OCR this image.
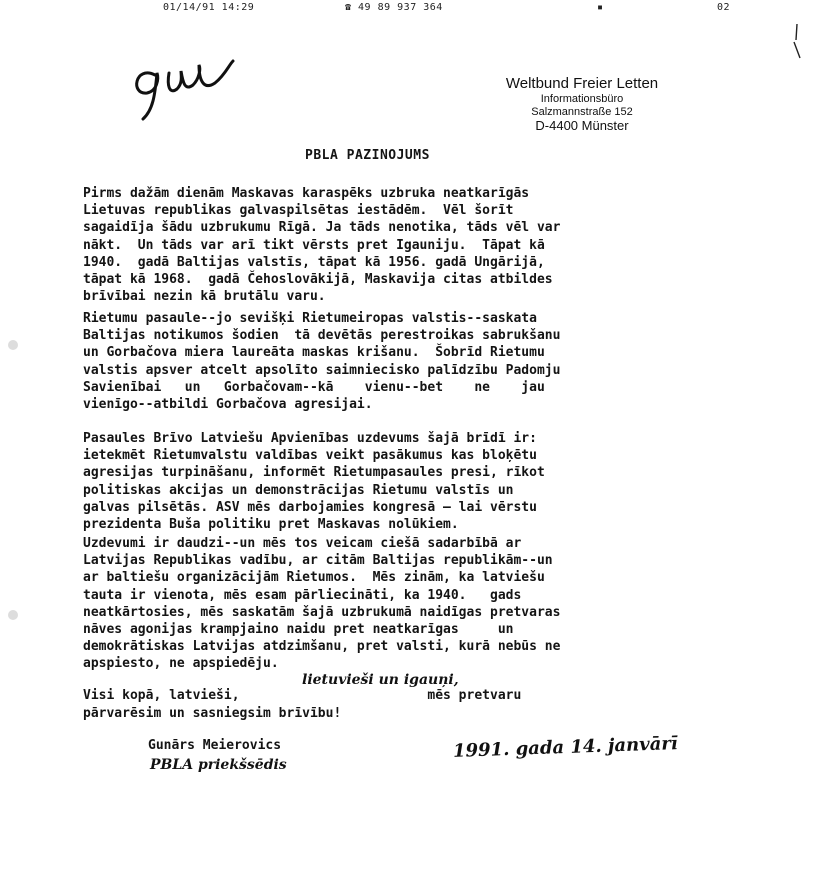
01/14/91 14:29	☎ 49 89 937 364	▪	02
Weltbund Freier Letten
Informationsbüro
Salzmannstraße 152
D-4400 Münster
PBLA PAZINOJUMS
Pirms dažām dienām Maskavas karaspēks uzbruka neatkarīgās
Lietuvas republikas galvaspilsētas iestādēm.  Vēl šorīt
sagaidīja šādu uzbrukumu Rīgā. Ja tāds nenotika, tāds vēl var
nākt.  Un tāds var arī tikt vērsts pret Igauniju.  Tāpat kā
1940.  gadā Baltijas valstīs, tāpat kā 1956. gadā Ungārijā,
tāpat kā 1968.  gadā Čehoslovākijā, Maskavija citas atbildes
brīvībai nezin kā brutālu varu.
Rietumu pasaule--jo sevišķi Rietumeiropas valstis--saskata
Baltijas notikumos šodien  tā devētās perestroikas sabrukšanu
un Gorbačova miera laureāta maskas krišanu.  Šobrīd Rietumu
valstis apsver atcelt apsolīto saimniecisko palīdzību Padomju
Savienībai   un   Gorbačovam--kā    vienu--bet    ne    jau
vienīgo--atbildi Gorbačova agresijai.
Pasaules Brīvo Latviešu Apvienības uzdevums šajā brīdī ir:
ietekmēt Rietumvalstu valdības veikt pasākumus kas bloķētu
agresijas turpināšanu, informēt Rietumpasaules presi, rīkot
politiskas akcijas un demonstrācijas Rietumu valstīs un
galvas pilsētās. ASV mēs darbojamies kongresā — lai vērstu
prezidenta Buša politiku pret Maskavas nolūkiem.
Uzdevumi ir daudzi--un mēs tos veicam ciešā sadarbībā ar
Latvijas Republikas vadību, ar citām Baltijas republikām--un
ar baltiešu organizācijām Rietumos.  Mēs zinām, ka latviešu
tauta ir vienota, mēs esam pārliecināti, ka 1940.   gads
neatkārtosies, mēs saskatām šajā uzbrukumā naidīgas pretvaras
nāves agonijas krampjaino naidu pret neatkarīgas     un
demokrātiskas Latvijas atdzimšanu, pret valsti, kurā nebūs ne
apspiesto, ne apspiedēju.
lietuvieši un igauņi,
Visi kopā, latvieši,                        mēs pretvaru
pārvarēsim un sasniegsim brīvību!
Gunārs Meierovics
PBLA priekšsēdis
1991. gada 14. janvārī
